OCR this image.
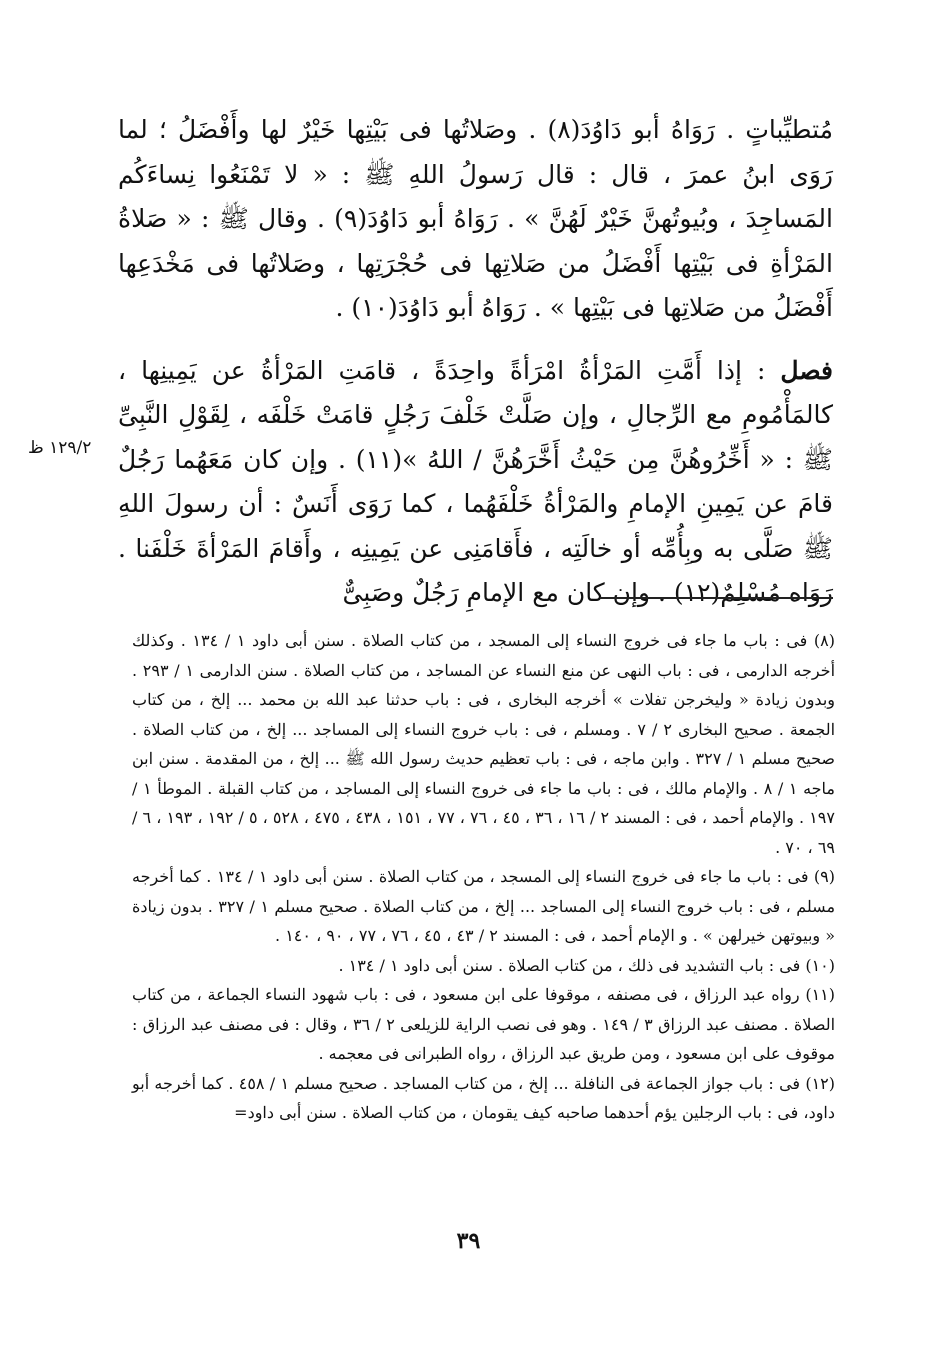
مُتطيِّباتٍ . رَوَاهُ أبو دَاوُدَ(٨) . وصَلاتُها فى بَيْتِها خَيْرٌ لها وأَفْضَلُ ؛ لما رَوَى ابنُ عمرَ ، قال : قال رَسولُ اللهِ ﷺ : « لا تَمْنَعُوا نِساءَكُم المَساجِدَ ، وبُيوتُهنَّ خَيْرٌ لَهُنَّ » . رَوَاهُ أبو دَاوُدَ(٩) . وقال ﷺ : « صَلاةُ المَرْأةِ فى بَيْتِها أَفْضَلُ من صَلاتِها فى حُجْرَتِها ، وصَلاتُها فى مَخْدَعِها أَفْضَلُ من صَلاتِها فى بَيْتِها » . رَوَاهُ أبو دَاوُدَ(١٠) .

فصل : إذا أَمَّتِ المَرْأةُ امْرَأةً واحِدَةً ، قامَتِ المَرْأةُ عن يَمِينِها ، كالمَأْمُومِ مع الرِّجالِ ، وإن صَلَّتْ خَلْفَ رَجُلٍ قامَتْ خَلْفَه ، لِقَوْلِ النَّبِىِّ ﷺ : « أَخِّرُوهُنَّ مِن حَيْثُ أَخَّرَهُنَّ / اللهُ »(١١) . وإن كان مَعَهُما رَجُلٌ قامَ عن يَمِينِ الإمامِ والمَرْأةُ خَلْفَهُما ، كما رَوَى أَنَسٌ : أن رسولَ اللهِ ﷺ صَلَّى به وبِأُمِّه أو خالَتِه ، فأَقامَنِى عن يَمِينِه ، وأَقامَ المَرْأةَ خَلْفَنا . رَوَاه مُسْلِمٌ(١٢) . وإن كان مع الإمامِ رَجُلٌ وصَبِىٌّ

١٢٩/٢ ظ

(٨) فى : باب ما جاء فى خروج النساء إلى المسجد ، من كتاب الصلاة . سنن أبى داود ١ / ١٣٤ . وكذلك أخرجه الدارمى ، فى : باب النهى عن منع النساء عن المساجد ، من كتاب الصلاة . سنن الدارمى ١ / ٢٩٣ . وبدون زيادة « وليخرجن تفلات » أخرجه البخارى ، فى : باب حدثنا عبد الله بن محمد ... إلخ ، من كتاب الجمعة . صحيح البخارى ٢ / ٧ . ومسلم ، فى : باب خروج النساء إلى المساجد ... إلخ ، من كتاب الصلاة . صحيح مسلم ١ / ٣٢٧ . وابن ماجه ، فى : باب تعظيم حديث رسول الله ﷺ ... إلخ ، من المقدمة . سنن ابن ماجه ١ / ٨ . والإمام مالك ، فى : باب ما جاء فى خروج النساء إلى المساجد ، من كتاب القبلة . الموطأ ١ / ١٩٧ . والإمام أحمد ، فى : المسند ٢ / ١٦ ، ٣٦ ، ٤٥ ، ٧٦ ، ٧٧ ، ١٥١ ، ٤٣٨ ، ٤٧٥ ، ٥٢٨ ، ٥ / ١٩٢ ، ١٩٣ ، ٦ / ٦٩ ، ٧٠ .

(٩) فى : باب ما جاء فى خروج النساء إلى المسجد ، من كتاب الصلاة . سنن أبى داود ١ / ١٣٤ . كما أخرجه مسلم ، فى : باب خروج النساء إلى المساجد ... إلخ ، من كتاب الصلاة . صحيح مسلم ١ / ٣٢٧ . بدون زيادة « وبيوتهن خيرلهن » . و الإمام أحمد ، فى : المسند ٢ / ٤٣ ، ٤٥ ، ٧٦ ، ٧٧ ، ٩٠ ، ١٤٠ .

(١٠) فى : باب التشديد فى ذلك ، من كتاب الصلاة . سنن أبى داود ١ / ١٣٤ .

(١١) رواه عبد الرزاق ، فى مصنفه ، موقوفا على ابن مسعود ، فى : باب شهود النساء الجماعة ، من كتاب الصلاة . مصنف عبد الرزاق ٣ / ١٤٩ . وهو فى نصب الراية للزيلعى ٢ / ٣٦ ، وقال : فى مصنف عبد الرزاق : موقوف على ابن مسعود ، ومن طريق عبد الرزاق ، رواه الطبرانى فى معجمه .

(١٢) فى : باب جواز الجماعة فى النافلة ... إلخ ، من كتاب المساجد . صحيح مسلم ١ / ٤٥٨ . كما أخرجه أبو داود، فى : باب الرجلين يؤم أحدهما صاحبه كيف يقومان ، من كتاب الصلاة . سنن أبى داود=

٣٩
